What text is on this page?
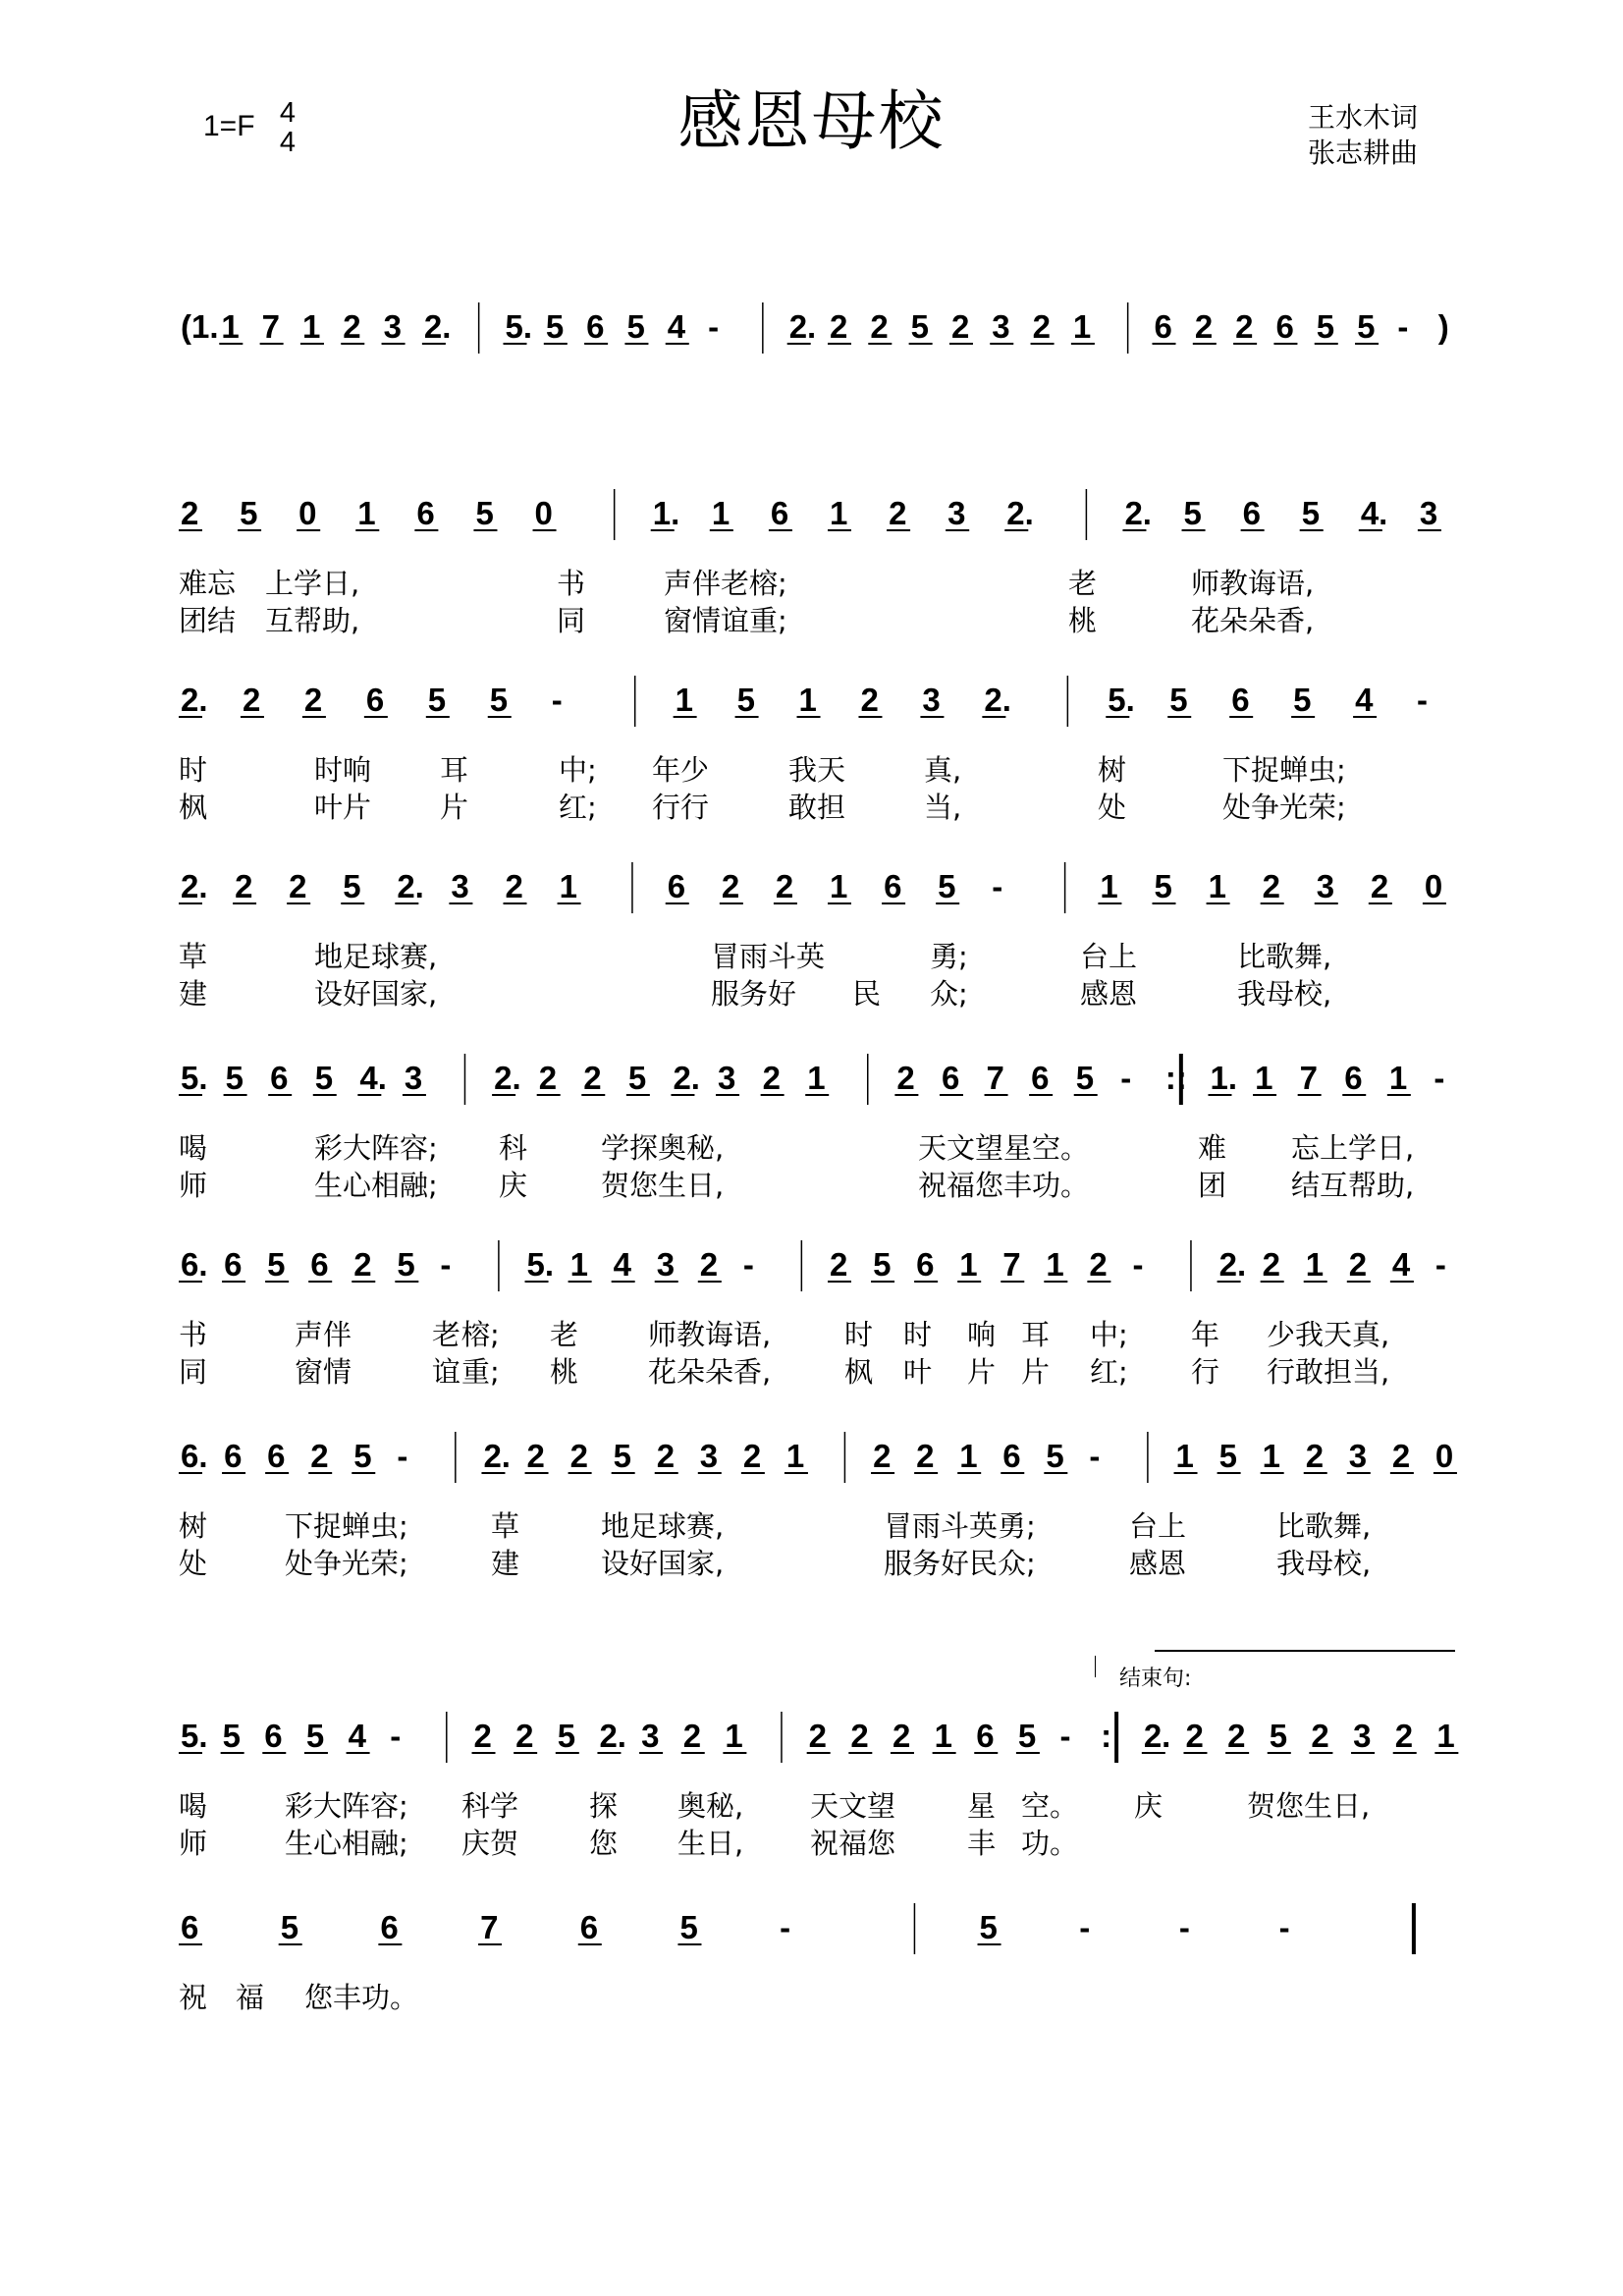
感恩母校
1=F 4
4
王水木词
张志耕曲
结束句:
(1. 1 7 1 2 3 2. 5. 5 6 5 4 - 2. 2 2 5 2 3 2 1 6 2 2 6 5 5 - )
2 5 0 1 6 5 0	1. 1 6 1 2 3 2.	2. 5 6 5 4. 3
难忘 上学日,	书	声伴老榕;	老	师教诲语,
团结 互帮助,	同	窗情谊重;	桃	花朵朵香,
2. 2 2 6 5 5 -	1 5 1 2 3 2.	5. 5 6 5 4 -
时	时响 耳	中; 年少	我天	真,	树	下捉蝉虫;
枫	叶片 片	红; 行行	敢担	当,	处	处争光荣;
2. 2 2 5 2. 3 2 1	6 2 2 1 6 5 -	1 5 1 2 3 2 0
草	地足球赛,	冒雨斗英	勇;	台上	比歌舞,
建	设好国家,	服务好 民 众;	感恩	我母校,
5. 5 6 5 4. 3 2. 2 2 5 2. 3 2 1 2 6 7 6 5 - :: 1. 1 7 6 1 -
喝	彩大阵容; 科	学探奥秘,	天文望星空。	难 忘上学日,
师	生心相融; 庆	贺您生日,	祝福您丰功。	团 结互帮助,
6. 6 5 6 2 5 - 5. 1 4 3 2 - 2 5 6 1 7 1 2 - 2. 2 1 2 4 -
书	声伴	老 榕; 老 师教诲语,	时 时 响 耳 中; 年 少我天真,
同	窗情	谊 重; 桃 花朵朵香,	枫 叶 片 片 红; 行 行敢担当,
6. 6 6 2 5 - 2. 2 2 5 2 3 2 1 2 2 1 6 5 - 1 5 1 2 3 2 0
树	下捉蝉虫;	草	地足球赛,	冒雨斗英勇;	台上	比歌舞,
处	处争光荣;	建	设好国家,	服务好民众;	感恩	我母校,
5. 5 6 5 4 - 2 2 5 2. 3 2 1 2 2 2 1 6 5 - : 2. 2 2 5 2 3 2 1
喝	彩大阵容; 科学 探 奥秘, 天文望	星 空。 庆	贺您生日,
师	生心相融; 庆贺 您 生日, 祝福您	丰 功。
6	5	6	7	6	5	-	5	-	-	-
祝 福 您丰功。
